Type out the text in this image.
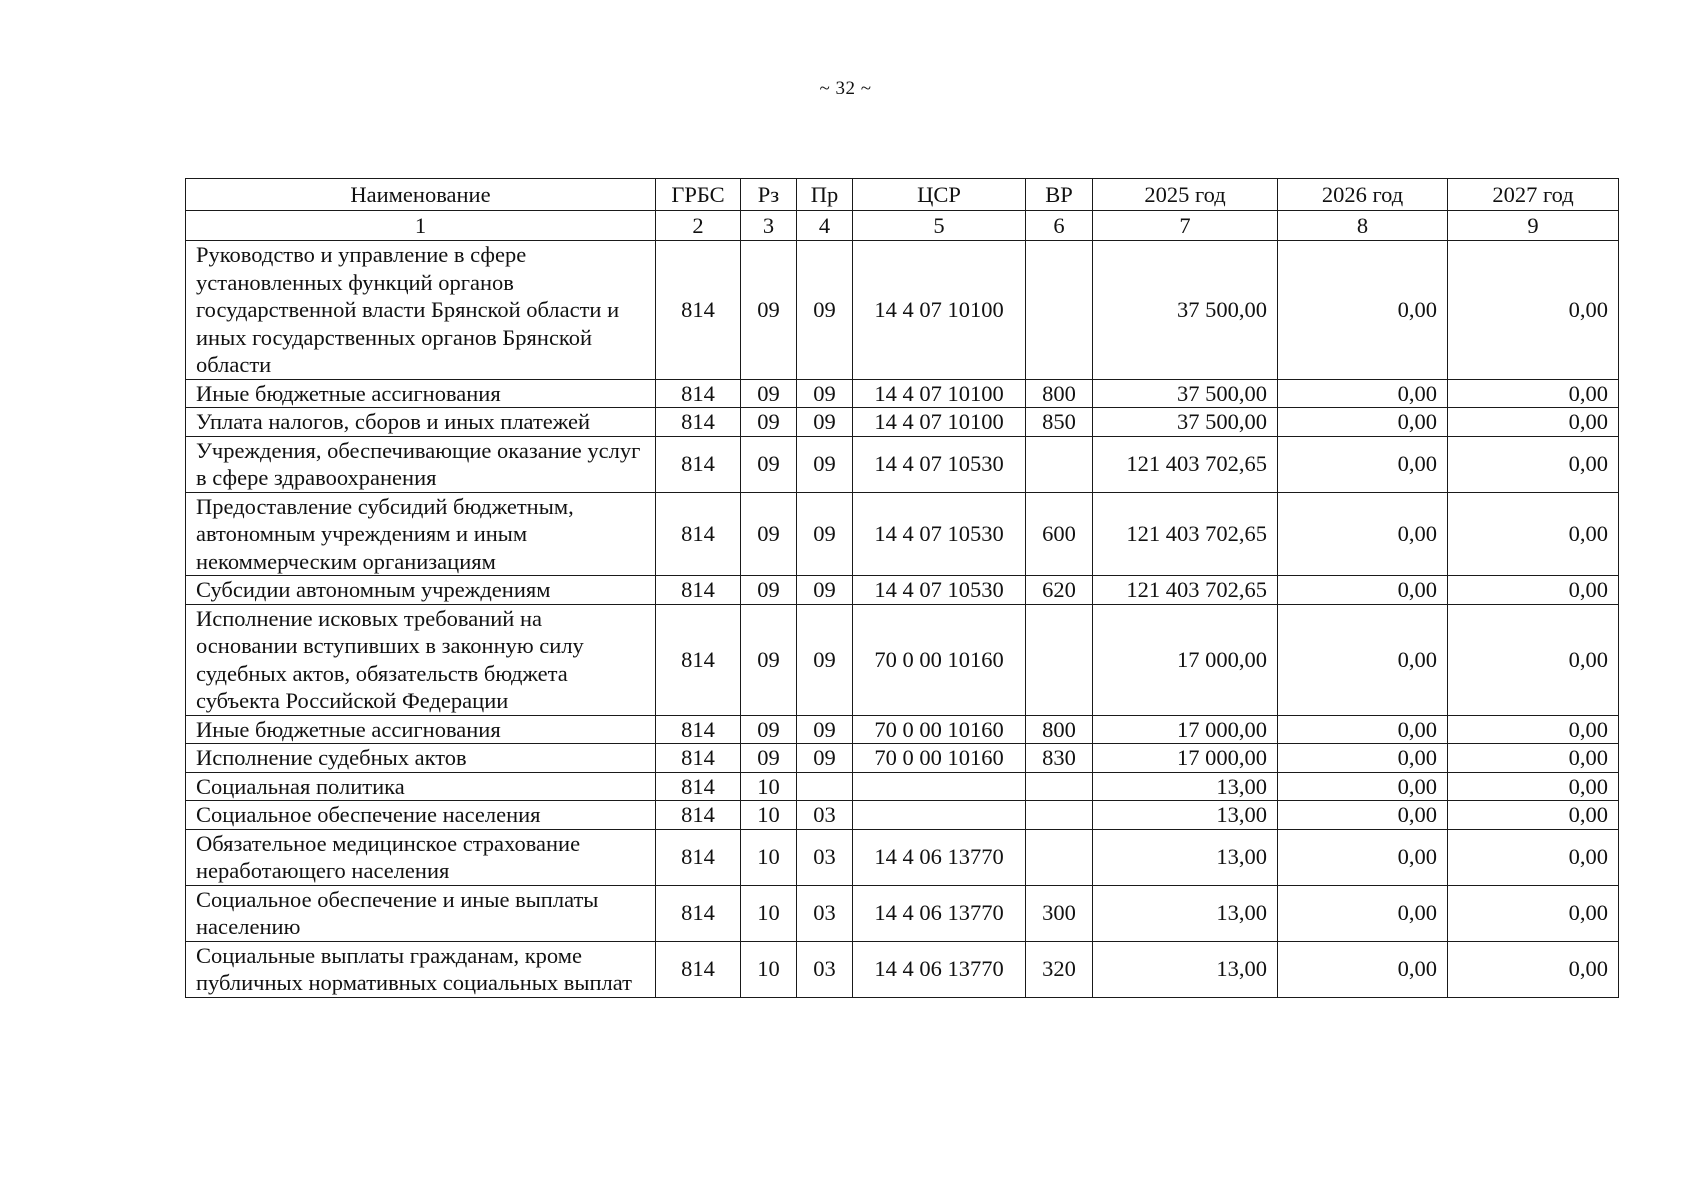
~ 32 ~
Наименование	ГРБС	Рз	Пр	ЦСР	ВР	2025 год	2026 год	2027 год
1	2	3	4	5	6	7	8	9
Руководство и управление в сфере установленных функций органов государственной власти Брянской области и иных государственных органов Брянской области	814	09	09	14 4 07 10100		37 500,00	0,00	0,00
Иные бюджетные ассигнования	814	09	09	14 4 07 10100	800	37 500,00	0,00	0,00
Уплата налогов, сборов и иных платежей	814	09	09	14 4 07 10100	850	37 500,00	0,00	0,00
Учреждения, обеспечивающие оказание услуг в сфере здравоохранения	814	09	09	14 4 07 10530		121 403 702,65	0,00	0,00
Предоставление субсидий бюджетным, автономным учреждениям и иным некоммерческим организациям	814	09	09	14 4 07 10530	600	121 403 702,65	0,00	0,00
Субсидии автономным учреждениям	814	09	09	14 4 07 10530	620	121 403 702,65	0,00	0,00
Исполнение исковых требований на основании вступивших в законную силу судебных актов, обязательств бюджета субъекта Российской Федерации	814	09	09	70 0 00 10160		17 000,00	0,00	0,00
Иные бюджетные ассигнования	814	09	09	70 0 00 10160	800	17 000,00	0,00	0,00
Исполнение судебных актов	814	09	09	70 0 00 10160	830	17 000,00	0,00	0,00
Социальная политика	814	10				13,00	0,00	0,00
Социальное обеспечение населения	814	10	03			13,00	0,00	0,00
Обязательное медицинское страхование неработающего населения	814	10	03	14 4 06 13770		13,00	0,00	0,00
Социальное обеспечение и иные выплаты населению	814	10	03	14 4 06 13770	300	13,00	0,00	0,00
Социальные выплаты гражданам, кроме публичных нормативных социальных выплат	814	10	03	14 4 06 13770	320	13,00	0,00	0,00
